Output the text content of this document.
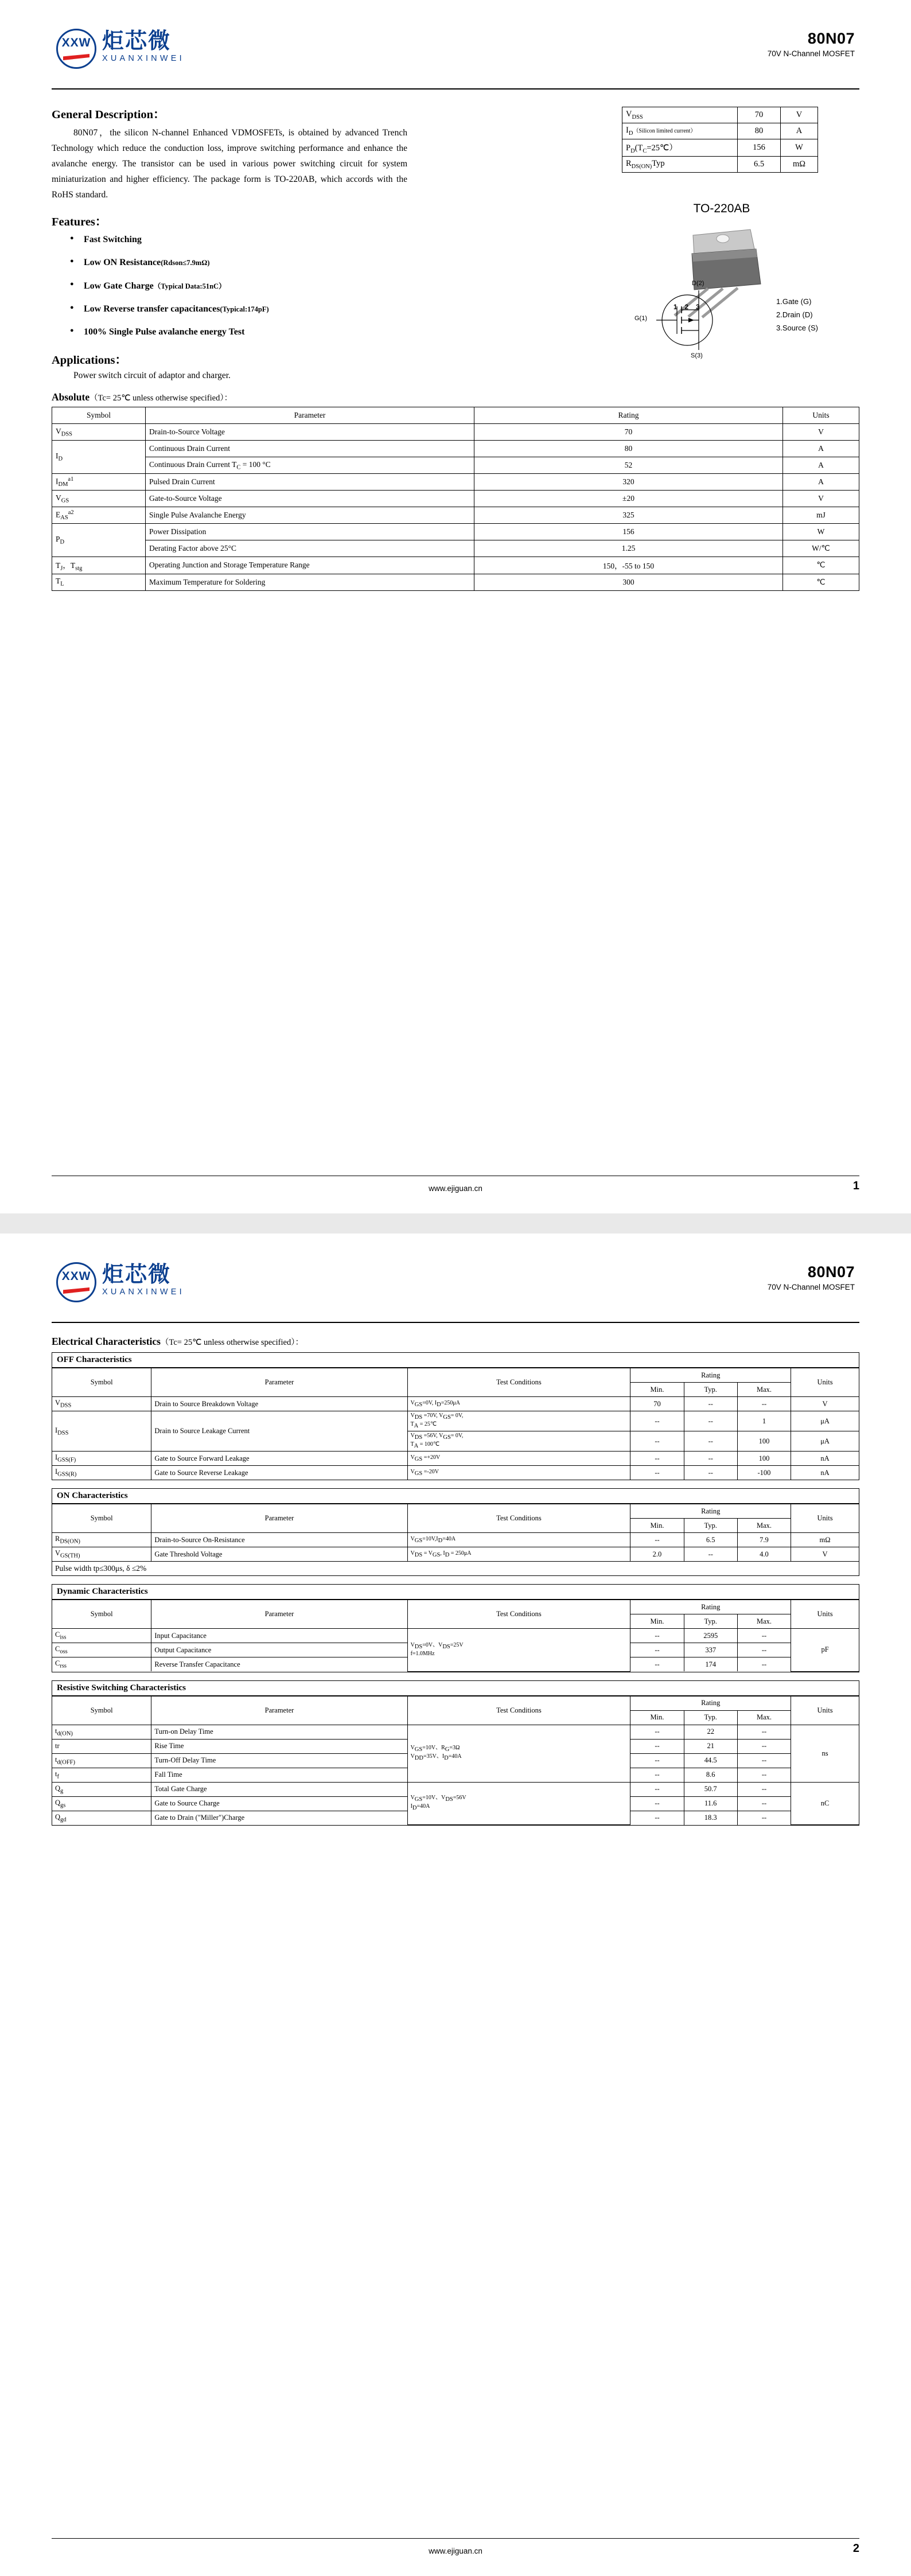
XXW 炬芯微
XUANXINWEI
80N07
70V N-Channel MOSFET
General Description：

80N07，the silicon N-channel Enhanced VDMOSFETs, is obtained by advanced Trench Technology which reduce the conduction loss, improve switching performance and enhance the avalanche energy. The transistor can be used in various power switching circuit for system miniaturization and higher efficiency. The package form is TO-220AB, which accords with the RoHS standard.

$V_{DSS}$	70	V
$I_D(Silicon$ limited current）	80	A
$P_D(T_C=25℃)$	156	W
$R_{DS(ON)}Typ$	6.5	mΩ
TO-220AB
1 2 3
D(2)
G(1)
S(3)
1.Gate (G)
2.Drain (D)
3.Source (S)
Features：
● Fast Switching
● Low ON Resistance(Rdson≤7.9mΩ)
● Low Gate Charge（Typical Data:51nC）
● Low Reverse transfer capacitances(Typical:174pF)
● 100% Single Pulse avalanche energy Test
Applications：

Power switch circuit of adaptor and charger.

Absolute（Tc= 25℃ unless otherwise specified）：
Symbol	Parameter	Rating	Units
$V_{DSS}$	Drain-to-Source Voltage	70	V
$I_D$	Continuous Drain Current	80	A
	Continuous Drain Current $T_C = 100$ °C	52	A
$I_{DM}^{a1}$	Pulsed Drain Current	320	A
$V_{GS}$	Gate-to-Source Voltage	±20	V
$E_{AS}^{a2}$	Single Pulse Avalanche Energy	325	mJ
$P_D$	Power Dissipation	156	W
	Derating Factor above 25°C	1.25	W/℃
$T_J$，$T_{stg}$	Operating Junction and Storage Temperature Range	150，-55 to 150	℃
$T_L$	Maximum Temperature for Soldering	300	℃
www.ejiguan.cn	1
XXW 炬芯微
XUANXINWEI
80N07
70V N-Channel MOSFET
Electrical Characteristics（Tc= 25℃ unless otherwise specified）：
OFF Characteristics
Symbol	Parameter	Test Conditions	Rating			Units
			Min.	Typ.	Max.	
$V_{DSS}$	Drain to Source Breakdown Voltage	VGS=0V, ID=250μA	70	--	--	V
$I_{DSS}$	Drain to Source Leakage Current	VDS =70V, VGS= 0V,
TA = 25℃	--	--	1	μA
		VDS =56V, VGS= 0V,
TA = 100℃	--	--	100	μA
$I_{GSS(F)}$	Gate to Source Forward Leakage	VGS =+20V	--	--	100	nA
$I_{GSS(R)}$	Gate to Source Reverse Leakage	VGS =-20V	--	--	-100	nA
ON Characteristics
Symbol	Parameter	Test Conditions	Rating			Units
			Min.	Typ.	Max.	
$R_{DS(ON)}$	Drain-to-Source On-Resistance	VGS=10V,ID=40A	--	6.5	7.9	mΩ
$V_{GS(TH)}$	Gate Threshold Voltage	VDS = VGS, ID = 250μA	2.0	--	4.0	V
Pulse width tp≤300μs, δ ≤2%						
Dynamic Characteristics
Symbol	Parameter	Test Conditions	Rating			Units
			Min.	Typ.	Max.	
$C_{iss}$	Input Capacitance	VDS=0V、VDS=25V
f=1.0MHz	--	2595	--	pF
$C_{oss}$	Output Capacitance		--	337	--	
$C_{rss}$	Reverse Transfer Capacitance		--	174	--	
Resistive Switching Characteristics
Symbol	Parameter	Test Conditions	Rating			Units
			Min.	Typ.	Max.	
$t_{d(ON)}$	Turn-on Delay Time	VGS=10V、RG=3Ω
VDD=35V、ID=40A	--	22	--	ns
tr	Rise Time		--	21	--	
$t_{d(OFF)}$	Turn-Off Delay Time		--	44.5	--	
$t_f$	Fall Time		--	8.6	--	
$Q_g$	Total Gate Charge	VGS=10V、VDS=56V
ID=40A	--	50.7	--	nC
$Q_{gs}$	Gate to Source Charge		--	11.6	--	
$Q_{gd}$	Gate to Drain ("Miller")Charge		--	18.3	--	
www.ejiguan.cn	2
